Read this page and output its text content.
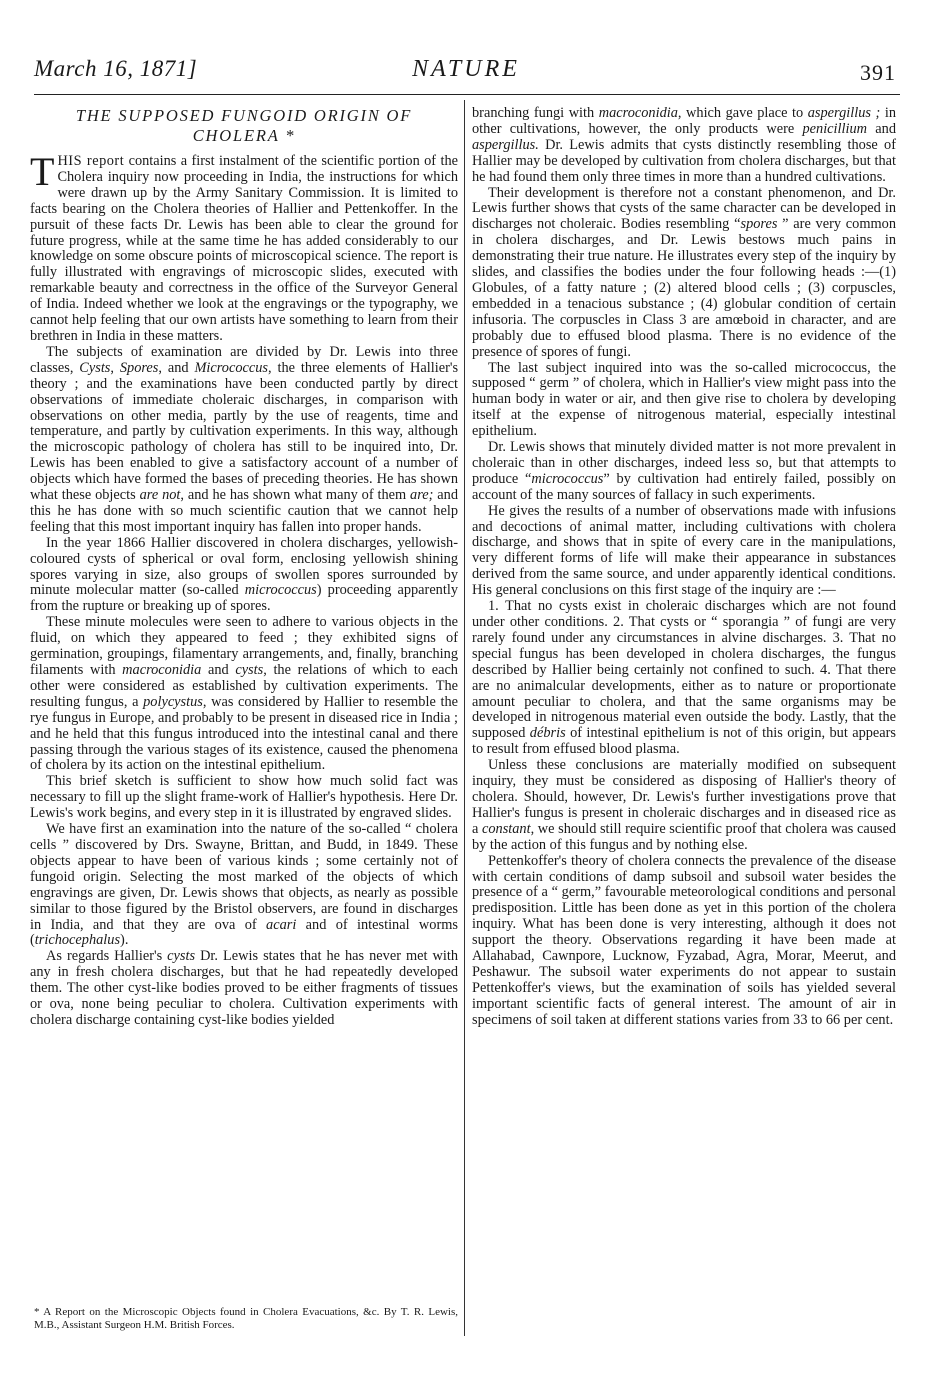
March 16, 1871]	NATURE	391
THE SUPPOSED FUNGOID ORIGIN OF CHOLERA *

THIS report contains a first instalment of the scientific portion of the Cholera inquiry now proceeding in India, the instructions for which were drawn up by the Army Sanitary Commission. It is limited to facts bearing on the Cholera theories of Hallier and Pettenkoffer. In the pursuit of these facts Dr. Lewis has been able to clear the ground for future progress, while at the same time he has added considerably to our knowledge on some obscure points of microscopical science. The report is fully illustrated with engravings of microscopic slides, executed with remarkable beauty and correctness in the office of the Surveyor General of India. Indeed whether we look at the engravings or the typography, we cannot help feeling that our own artists have something to learn from their brethren in India in these matters.

The subjects of examination are divided by Dr. Lewis into three classes, Cysts, Spores, and Micrococcus, the three elements of Hallier's theory ; and the examinations have been conducted partly by direct observations of immediate choleraic discharges, in comparison with observations on other media, partly by the use of reagents, time and temperature, and partly by cultivation experiments. In this way, although the microscopic pathology of cholera has still to be inquired into, Dr. Lewis has been enabled to give a satisfactory account of a number of objects which have formed the bases of preceding theories. He has shown what these objects are not, and he has shown what many of them are; and this he has done with so much scientific caution that we cannot help feeling that this most important inquiry has fallen into proper hands.

In the year 1866 Hallier discovered in cholera discharges, yellowish-coloured cysts of spherical or oval form, enclosing yellowish shining spores varying in size, also groups of swollen spores surrounded by minute molecular matter (so-called micrococcus) proceeding apparently from the rupture or breaking up of spores.

These minute molecules were seen to adhere to various objects in the fluid, on which they appeared to feed ; they exhibited signs of germination, groupings, filamentary arrangements, and, finally, branching filaments with macroconidia and cysts, the relations of which to each other were considered as established by cultivation experiments. The resulting fungus, a polycystus, was considered by Hallier to resemble the rye fungus in Europe, and probably to be present in diseased rice in India ; and he held that this fungus introduced into the intestinal canal and there passing through the various stages of its existence, caused the phenomena of cholera by its action on the intestinal epithelium.

This brief sketch is sufficient to show how much solid fact was necessary to fill up the slight frame-work of Hallier's hypothesis. Here Dr. Lewis's work begins, and every step in it is illustrated by engraved slides.

We have first an examination into the nature of the so-called “ cholera cells ” discovered by Drs. Swayne, Brittan, and Budd, in 1849. These objects appear to have been of various kinds ; some certainly not of fungoid origin. Selecting the most marked of the objects of which engravings are given, Dr. Lewis shows that objects, as nearly as possible similar to those figured by the Bristol observers, are found in discharges in India, and that they are ova of acari and of intestinal worms (trichocephalus).

As regards Hallier's cysts Dr. Lewis states that he has never met with any in fresh cholera discharges, but that he had repeatedly developed them. The other cyst-like bodies proved to be either fragments of tissues or ova, none being peculiar to cholera. Cultivation experiments with cholera discharge containing cyst-like bodies yielded

* A Report on the Microscopic Objects found in Cholera Evacuations, &c. By T. R. Lewis, M.B., Assistant Surgeon H.M. British Forces.

branching fungi with macroconidia, which gave place to aspergillus ; in other cultivations, however, the only products were penicillium and aspergillus. Dr. Lewis admits that cysts distinctly resembling those of Hallier may be developed by cultivation from cholera discharges, but that he had found them only three times in more than a hundred cultivations.

Their development is therefore not a constant phenomenon, and Dr. Lewis further shows that cysts of the same character can be developed in discharges not choleraic. Bodies resembling “spores ” are very common in cholera discharges, and Dr. Lewis bestows much pains in demonstrating their true nature. He illustrates every step of the inquiry by slides, and classifies the bodies under the four following heads :—(1) Globules, of a fatty nature ; (2) altered blood cells ; (3) corpuscles, embedded in a tenacious substance ; (4) globular condition of certain infusoria. The corpuscles in Class 3 are amœboid in character, and are probably due to effused blood plasma. There is no evidence of the presence of spores of fungi.

The last subject inquired into was the so-called micrococcus, the supposed “ germ ” of cholera, which in Hallier's view might pass into the human body in water or air, and then give rise to cholera by developing itself at the expense of nitrogenous material, especially intestinal epithelium.

Dr. Lewis shows that minutely divided matter is not more prevalent in choleraic than in other discharges, indeed less so, but that attempts to produce “micrococcus” by cultivation had entirely failed, possibly on account of the many sources of fallacy in such experiments.

He gives the results of a number of observations made with infusions and decoctions of animal matter, including cultivations with cholera discharge, and shows that in spite of every care in the manipulations, very different forms of life will make their appearance in substances derived from the same source, and under apparently identical conditions. His general conclusions on this first stage of the inquiry are :—

1. That no cysts exist in choleraic discharges which are not found under other conditions. 2. That cysts or “ sporangia ” of fungi are very rarely found under any circumstances in alvine discharges. 3. That no special fungus has been developed in cholera discharges, the fungus described by Hallier being certainly not confined to such. 4. That there are no animalcular developments, either as to nature or proportionate amount peculiar to cholera, and that the same organisms may be developed in nitrogenous material even outside the body. Lastly, that the supposed débris of intestinal epithelium is not of this origin, but appears to result from effused blood plasma.

Unless these conclusions are materially modified on subsequent inquiry, they must be considered as disposing of Hallier's theory of cholera. Should, however, Dr. Lewis's further investigations prove that Hallier's fungus is present in choleraic discharges and in diseased rice as a constant, we should still require scientific proof that cholera was caused by the action of this fungus and by nothing else.

Pettenkoffer's theory of cholera connects the prevalence of the disease with certain conditions of damp subsoil and subsoil water besides the presence of a “ germ,” favourable meteorological conditions and personal predisposition. Little has been done as yet in this portion of the cholera inquiry. What has been done is very interesting, although it does not support the theory. Observations regarding it have been made at Allahabad, Cawnpore, Lucknow, Fyzabad, Agra, Morar, Meerut, and Peshawur. The subsoil water experiments do not appear to sustain Pettenkoffer's views, but the examination of soils has yielded several important scientific facts of general interest. The amount of air in specimens of soil taken at different stations varies from 33 to 66 per cent.
